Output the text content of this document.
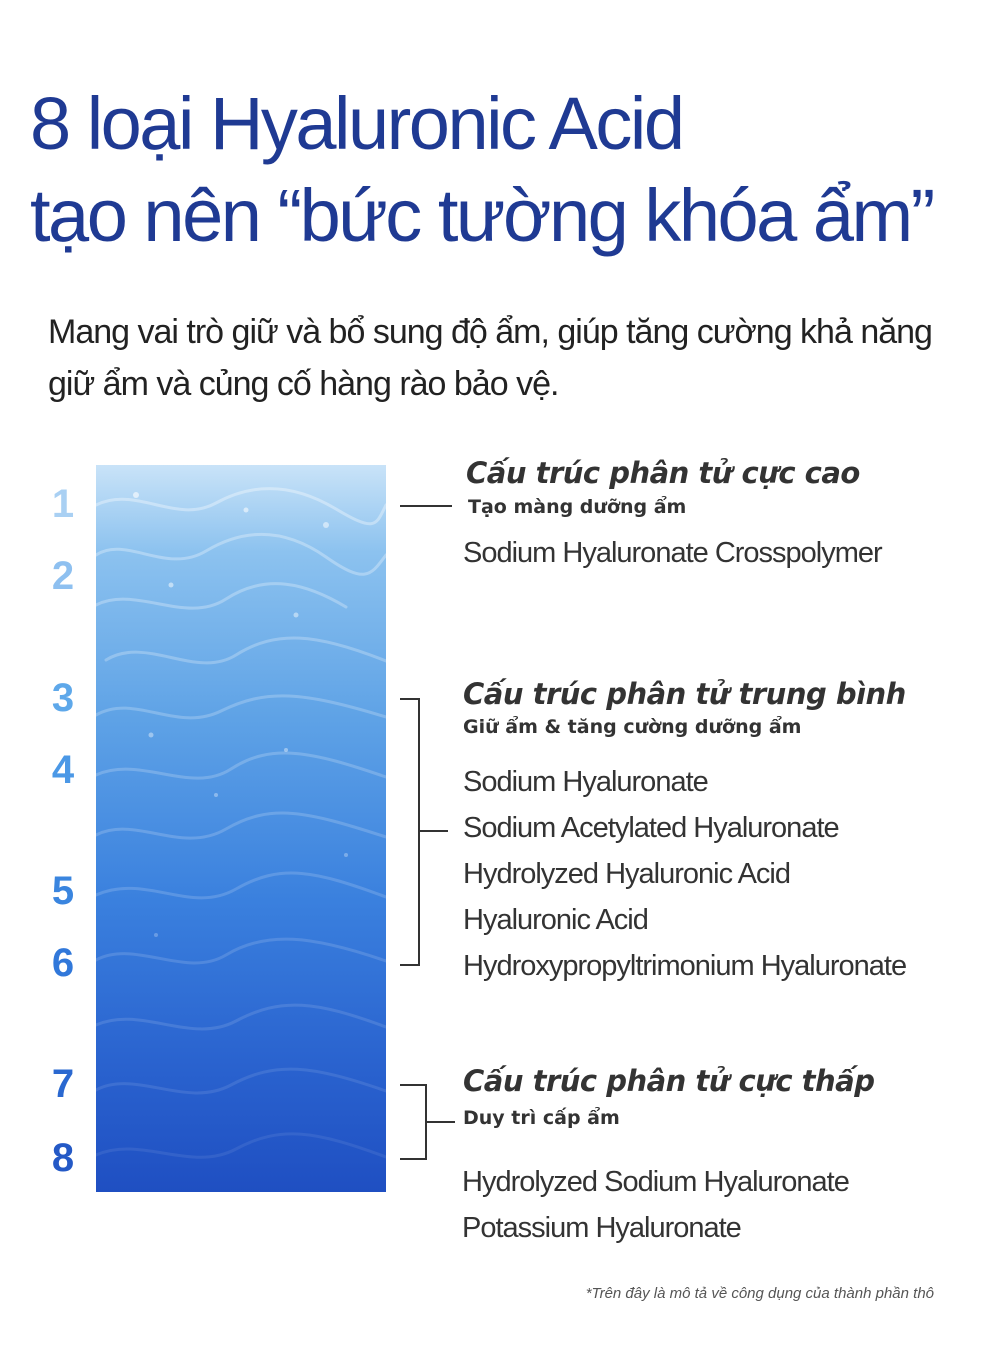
8 loại Hyaluronic Acid
tạo nên “bức tường khóa ẩm”

Mang vai trò giữ và bổ sung độ ẩm, giúp tăng cường khả năng
giữ ẩm và củng cố hàng rào bảo vệ.

1
2
3
4
5
6
7
8
Cấu trúc phân tử cực cao

Tạo màng dưỡng ẩm

Sodium Hyaluronate Crosspolymer
Cấu trúc phân tử trung bình

Giữ ẩm & tăng cường dưỡng ẩm

Sodium Hyaluronate
Sodium Acetylated Hyaluronate
Hydrolyzed Hyaluronic Acid
Hyaluronic Acid
Hydroxypropyltrimonium Hyaluronate
Cấu trúc phân tử cực thấp

Duy trì cấp ẩm

Hydrolyzed Sodium Hyaluronate
Potassium Hyaluronate

*Trên đây là mô tả về công dụng của thành phần thô
